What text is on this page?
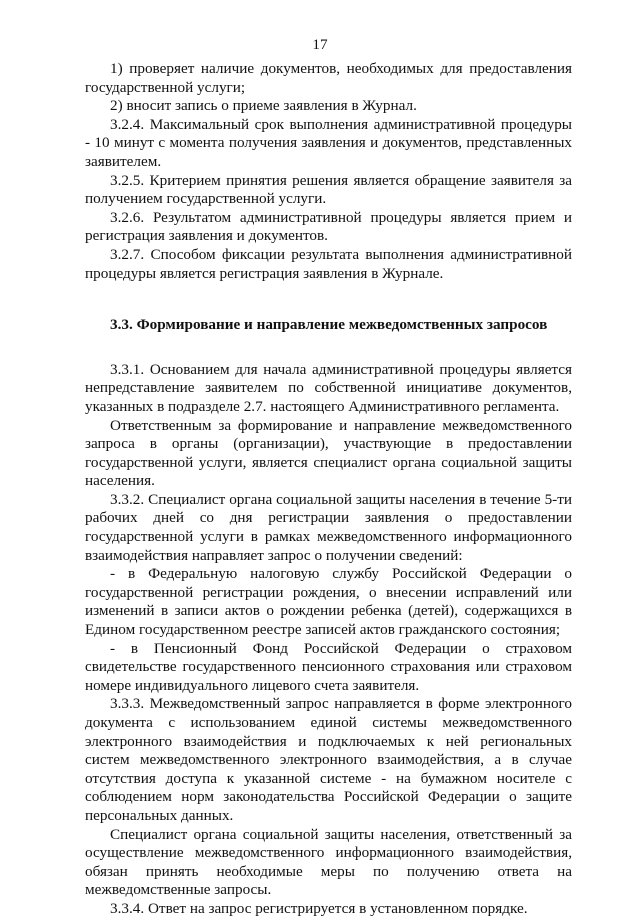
17

1) проверяет наличие документов, необходимых для предоставления государственной услуги;

2) вносит запись о приеме заявления в Журнал.

3.2.4. Максимальный срок выполнения административной процедуры - 10 минут с момента получения заявления и документов, представленных заявителем.

3.2.5. Критерием принятия решения является обращение заявителя за получением государственной услуги.

3.2.6. Результатом административной процедуры является прием и регистрация заявления и документов.

3.2.7. Способом фиксации результата выполнения административной процедуры является регистрация заявления в Журнале.

3.3. Формирование и направление межведомственных запросов

3.3.1. Основанием для начала административной процедуры является непредставление заявителем по собственной инициативе документов, указанных в подразделе 2.7. настоящего Административного регламента.

Ответственным за формирование и направление межведомственного запроса в органы (организации), участвующие в предоставлении государственной услуги, является специалист органа социальной защиты населения.

3.3.2. Специалист органа социальной защиты населения в течение 5-ти рабочих дней со дня регистрации заявления о предоставлении государственной услуги в рамках межведомственного информационного взаимодействия направляет запрос о получении сведений:

- в Федеральную налоговую службу Российской Федерации о государственной регистрации рождения, о внесении исправлений или изменений в записи актов о рождении ребенка (детей), содержащихся в Едином государственном реестре записей актов гражданского состояния;

- в Пенсионный Фонд Российской Федерации о страховом свидетельстве государственного пенсионного страхования или страховом номере индивидуального лицевого счета заявителя.

3.3.3. Межведомственный запрос направляется в форме электронного документа с использованием единой системы межведомственного электронного взаимодействия и подключаемых к ней региональных систем межведомственного электронного взаимодействия, а в случае отсутствия доступа к указанной системе - на бумажном носителе с соблюдением норм законодательства Российской Федерации о защите персональных данных.

Специалист органа социальной защиты населения, ответственный за осуществление межведомственного информационного взаимодействия, обязан принять необходимые меры по получению ответа на межведомственные запросы.

3.3.4. Ответ на запрос регистрируется в установленном порядке.
